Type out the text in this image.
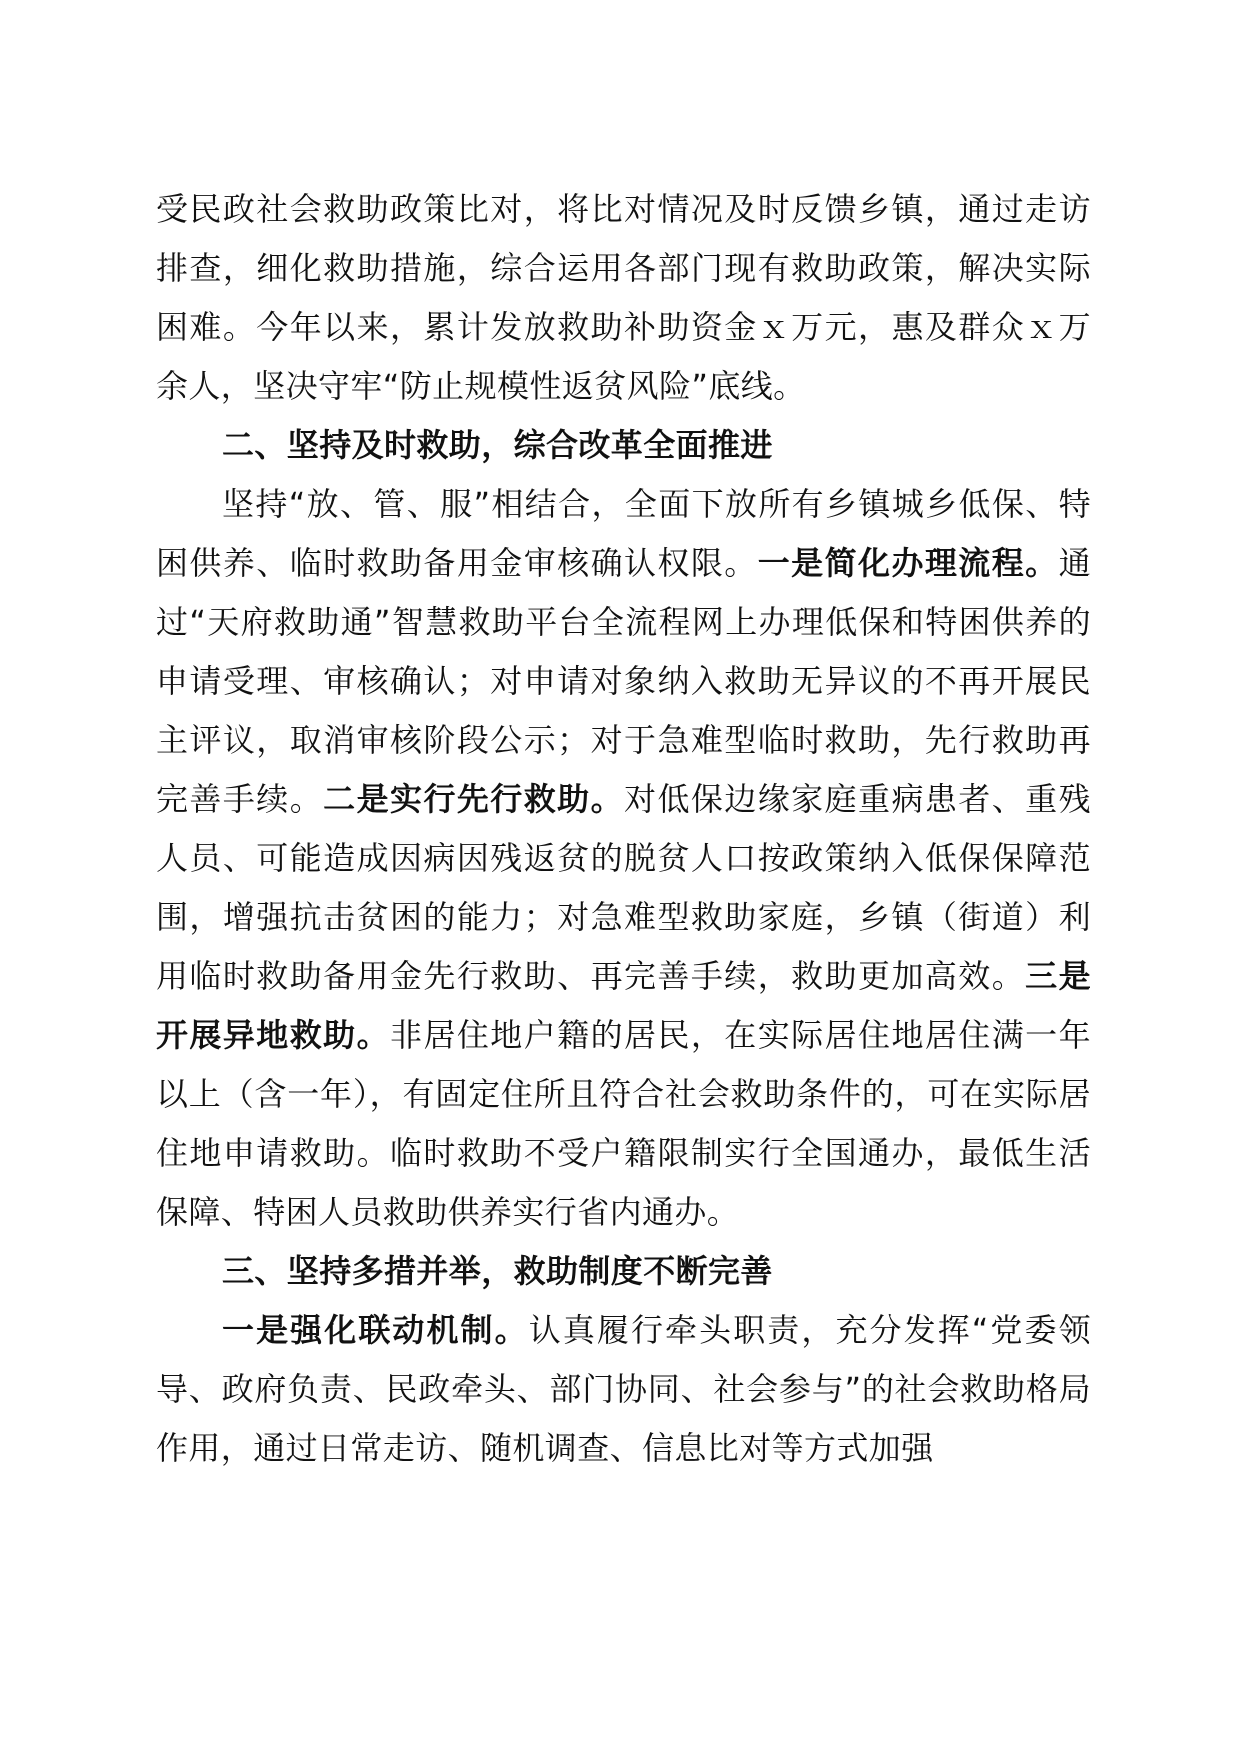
受民政社会救助政策比对，将比对情况及时反馈乡镇，通过走访排查，细化救助措施，综合运用各部门现有救助政策，解决实际困难。今年以来，累计发放救助补助资金ｘ万元，惠及群众ｘ万余人，坚决守牢“防止规模性返贫风险”底线。

二、坚持及时救助，综合改革全面推进

坚持“放、管、服”相结合，全面下放所有乡镇城乡低保、特困供养、临时救助备用金审核确认权限。一是简化办理流程。通过“天府救助通”智慧救助平台全流程网上办理低保和特困供养的申请受理、审核确认；对申请对象纳入救助无异议的不再开展民主评议，取消审核阶段公示；对于急难型临时救助，先行救助再完善手续。二是实行先行救助。对低保边缘家庭重病患者、重残人员、可能造成因病因残返贫的脱贫人口按政策纳入低保保障范围，增强抗击贫困的能力；对急难型救助家庭，乡镇（街道）利用临时救助备用金先行救助、再完善手续，救助更加高效。三是开展异地救助。非居住地户籍的居民，在实际居住地居住满一年以上（含一年），有固定住所且符合社会救助条件的，可在实际居住地申请救助。临时救助不受户籍限制实行全国通办，最低生活保障、特困人员救助供养实行省内通办。

三、坚持多措并举，救助制度不断完善

一是强化联动机制。认真履行牵头职责，充分发挥“党委领导、政府负责、民政牵头、部门协同、社会参与”的社会救助格局作用，通过日常走访、随机调查、信息比对等方式加强
